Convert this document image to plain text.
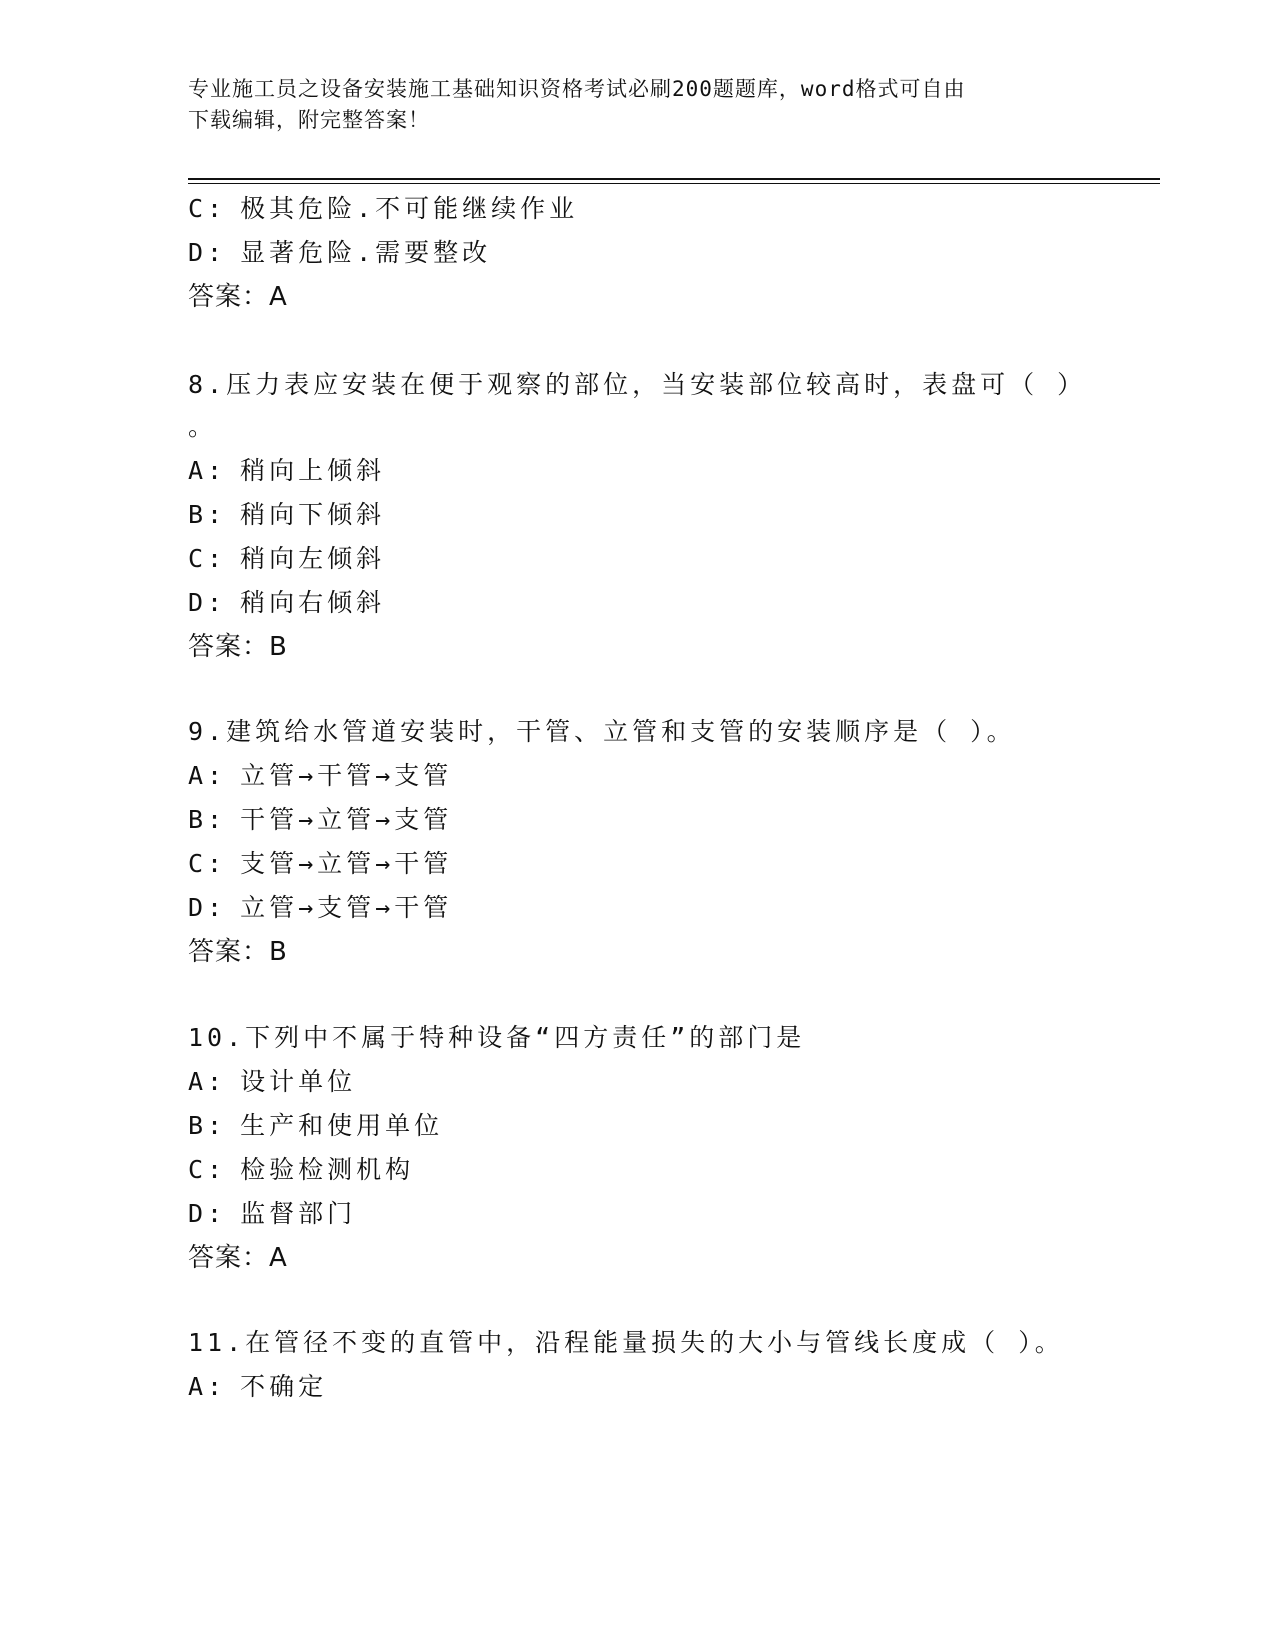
专业施工员之设备安装施工基础知识资格考试必刷200题题库，word格式可自由
下载编辑，附完整答案！
C: 极其危险.不可能继续作业
D: 显著危险.需要整改
答案：A
8.压力表应安装在便于观察的部位，当安装部位较高时，表盘可（ ）
。
A: 稍向上倾斜
B: 稍向下倾斜
C: 稍向左倾斜
D: 稍向右倾斜
答案：B
9.建筑给水管道安装时，干管、立管和支管的安装顺序是（ ）。
A: 立管→干管→支管
B: 干管→立管→支管
C: 支管→立管→干管
D: 立管→支管→干管
答案：B
10.下列中不属于特种设备“四方责任”的部门是
A: 设计单位
B: 生产和使用单位
C: 检验检测机构
D: 监督部门
答案：A
11.在管径不变的直管中，沿程能量损失的大小与管线长度成（ ）。
A: 不确定
